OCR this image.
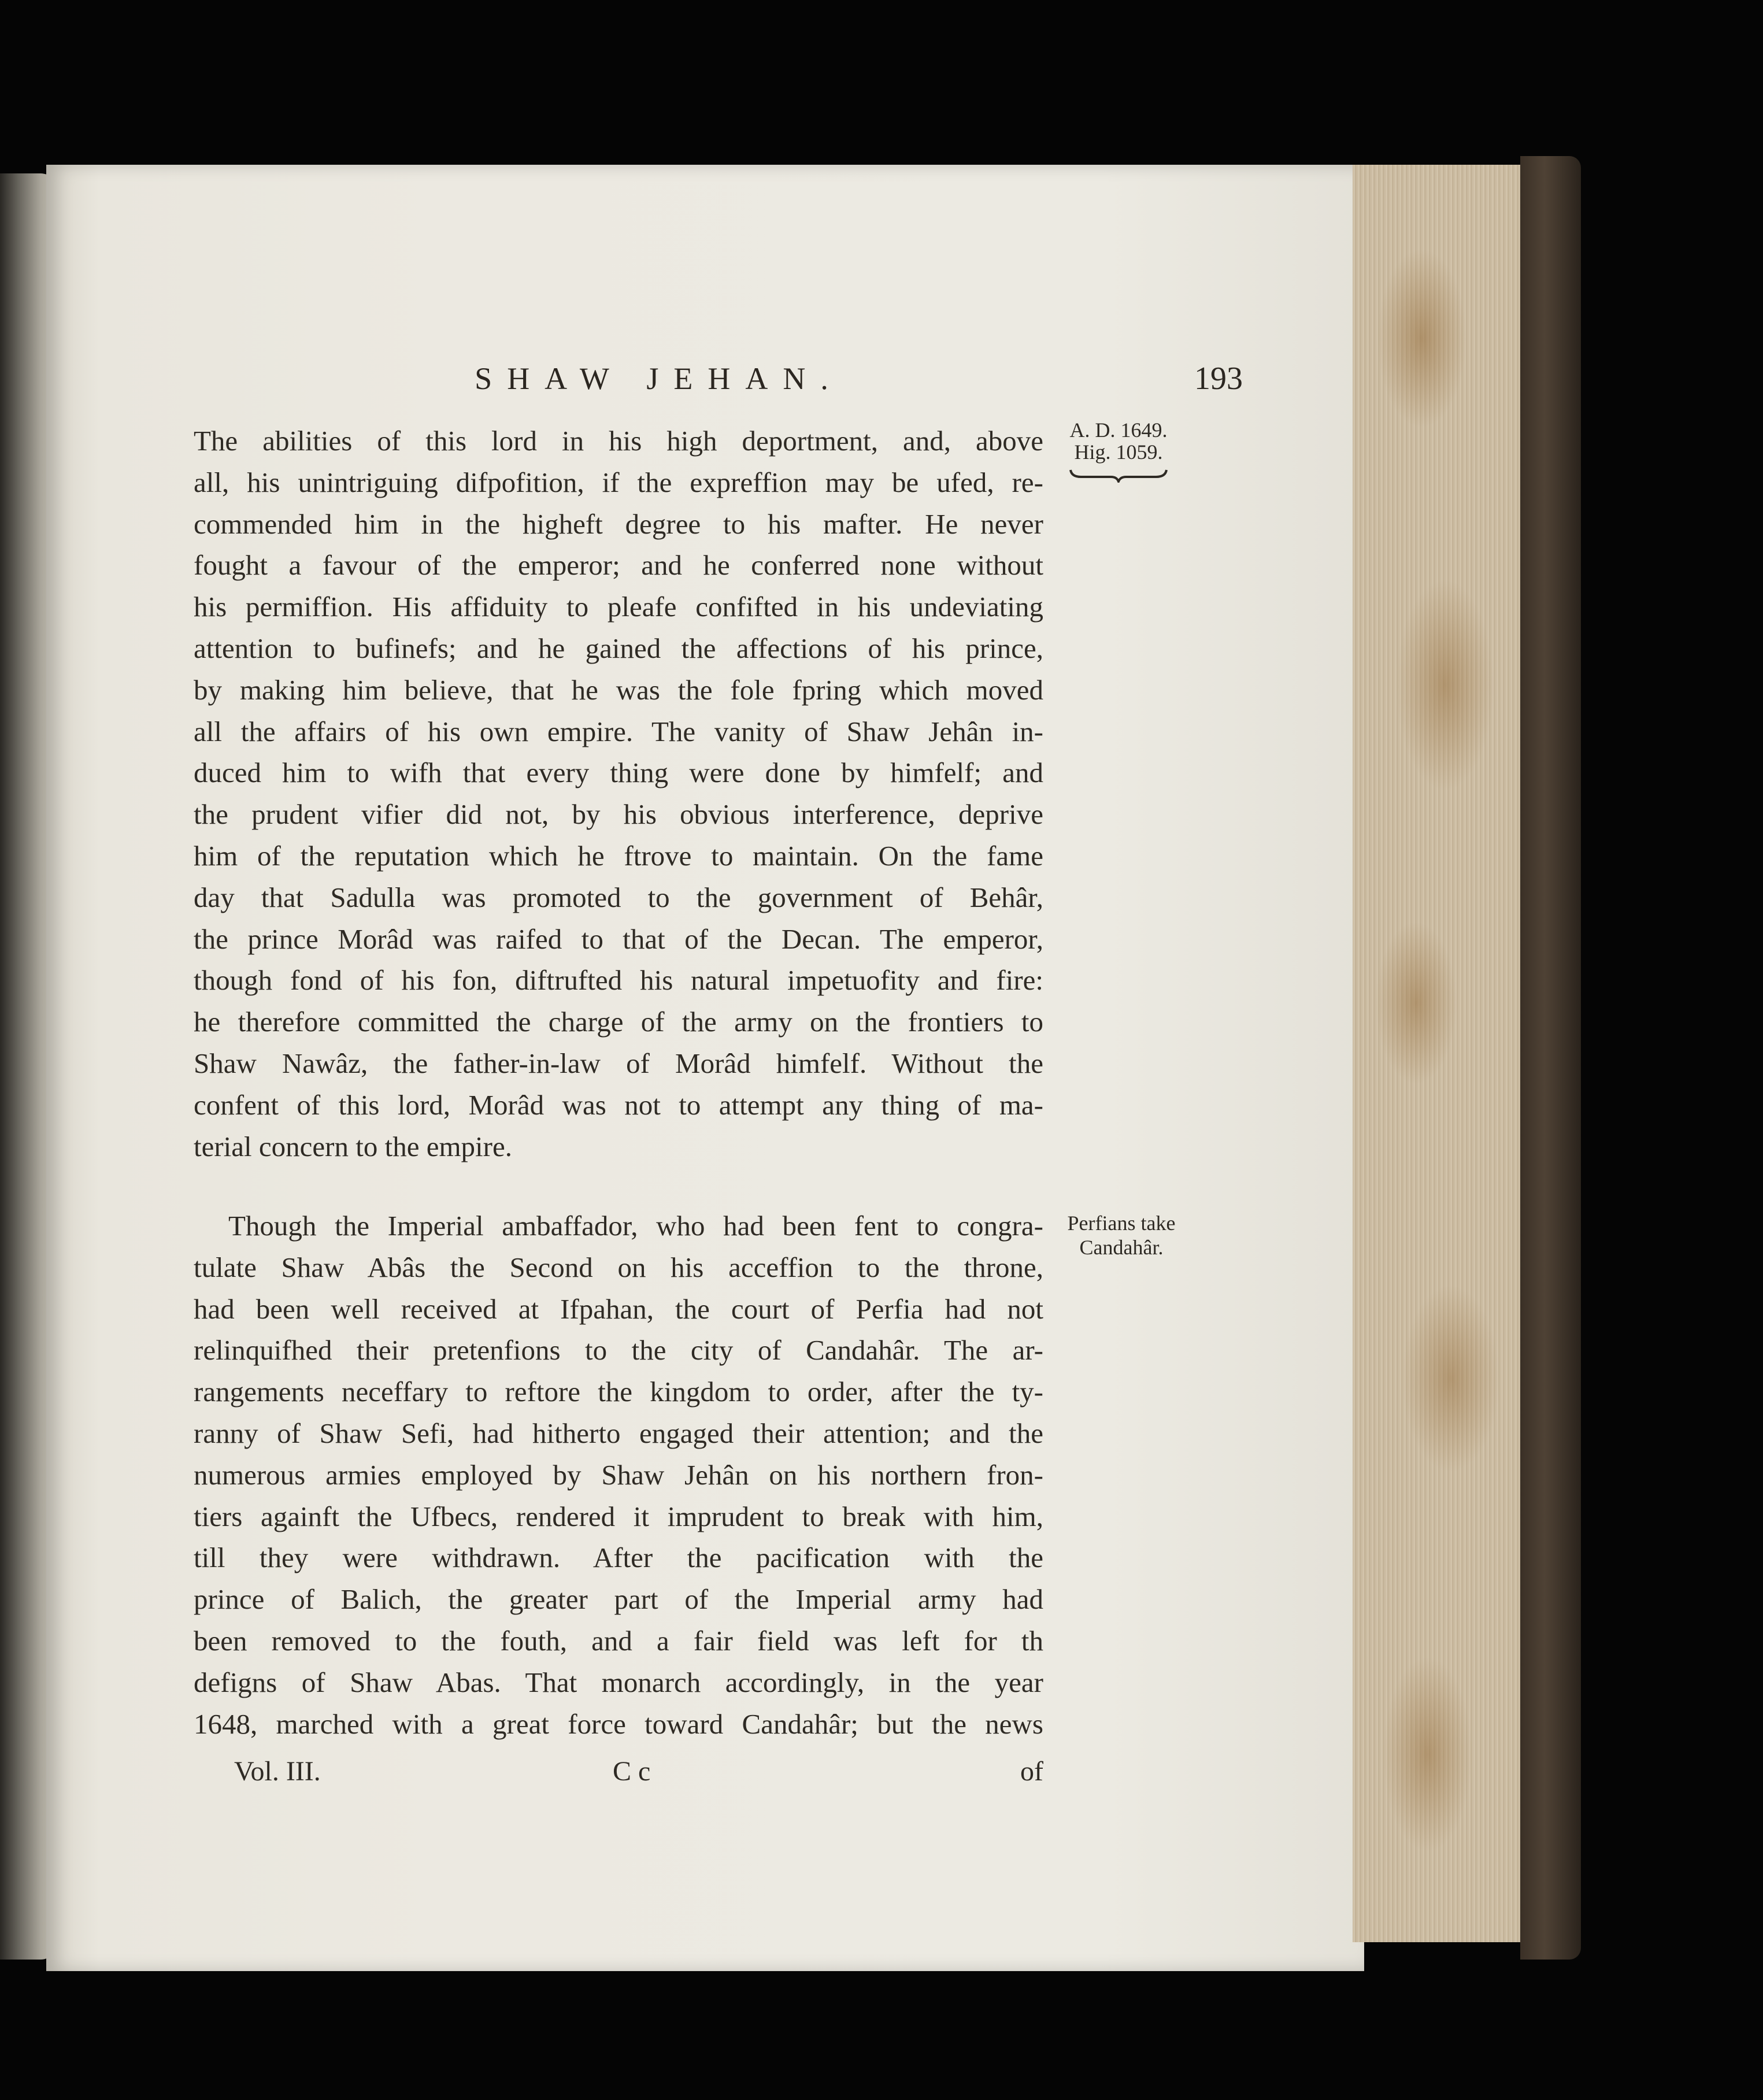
SHAW JEHAN.	193
A. D. 1649.
Hig. 1059.
Perfians take
Candahâr.

The abilities of this lord in his high deportment, and, above
all, his unintriguing difpofition, if the expreffion may be ufed, re-
commended him in the higheft degree to his mafter. He never
fought a favour of the emperor; and he conferred none without
his permiffion. His affiduity to pleafe confifted in his undeviating
attention to bufinefs; and he gained the affections of his prince,
by making him believe, that he was the fole fpring which moved
all the affairs of his own empire. The vanity of Shaw Jehân in-
duced him to wifh that every thing were done by himfelf; and
the prudent vifier did not, by his obvious interference, deprive
him of the reputation which he ftrove to maintain. On the fame
day that Sadulla was promoted to the government of Behâr,
the prince Morâd was raifed to that of the Decan. The emperor,
though fond of his fon, diftrufted his natural impetuofity and fire:
he therefore committed the charge of the army on the frontiers to
Shaw Nawâz, the father-in-law of Morâd himfelf. Without the
confent of this lord, Morâd was not to attempt any thing of ma-
terial concern to the empire.

Though the Imperial ambaffador, who had been fent to congra-
tulate Shaw Abâs the Second on his acceffion to the throne,
had been well received at Ifpahan, the court of Perfia had not
relinquifhed their pretenfions to the city of Candahâr. The ar-
rangements neceffary to reftore the kingdom to order, after the ty-
ranny of Shaw Sefi, had hitherto engaged their attention; and the
numerous armies employed by Shaw Jehân on his northern fron-
tiers againft the Ufbecs, rendered it imprudent to break with him,
till they were withdrawn. After the pacification with the
prince of Balich, the greater part of the Imperial army had
been removed to the fouth, and a fair field was left for th
defigns of Shaw Abas. That monarch accordingly, in the year
1648, marched with a great force toward Candahâr; but the news

Vol. III.	C c	of
